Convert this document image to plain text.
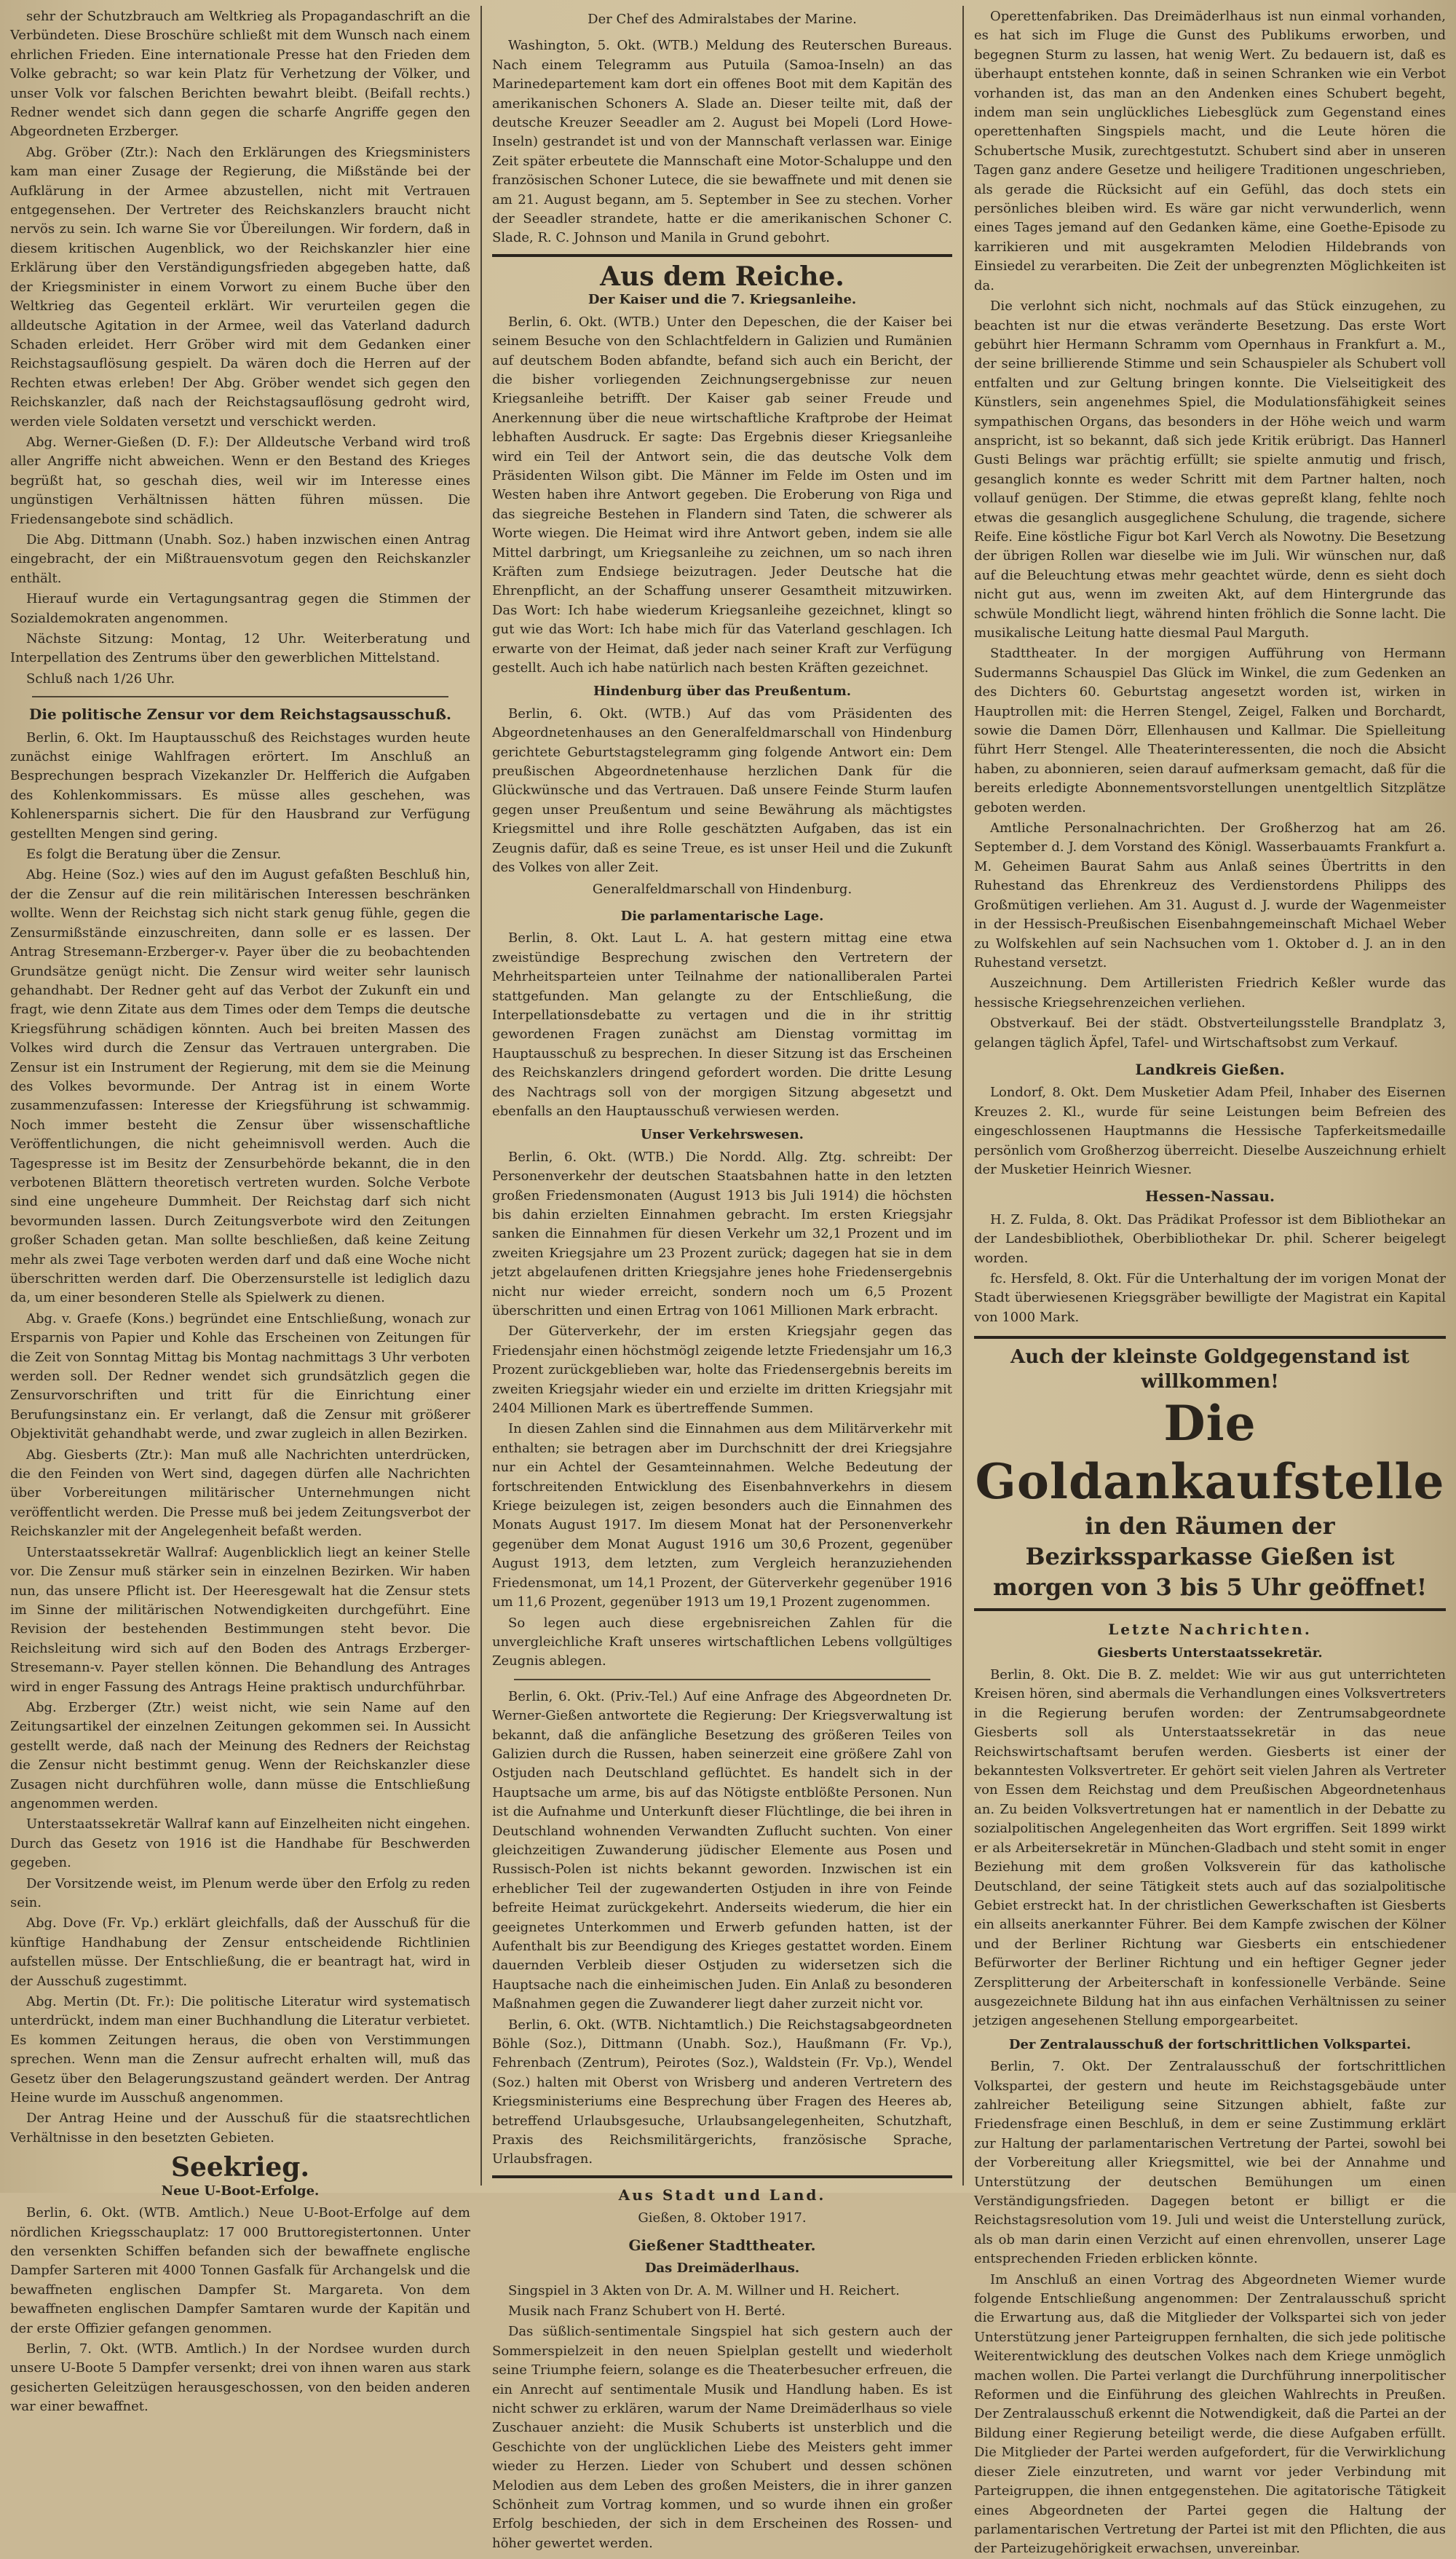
sehr der Schutzbrauch am Weltkrieg als Propagandaschrift an die Verbündeten. Diese Broschüre schließt mit dem Wunsch nach einem ehrlichen Frieden. Eine internationale Presse hat den Frieden dem Volke gebracht; so war kein Platz für Verhetzung der Völker, und unser Volk vor falschen Berichten bewahrt bleibt. (Beifall rechts.) Redner wendet sich dann gegen die scharfe Angriffe gegen den Abgeordneten Erzberger.

Abg. Gröber (Ztr.): Nach den Erklärungen des Kriegsministers kam man einer Zusage der Regierung, die Mißstände bei der Aufklärung in der Armee abzustellen, nicht mit Vertrauen entgegensehen. Der Vertreter des Reichskanzlers braucht nicht nervös zu sein. Ich warne Sie vor Übereilungen. Wir fordern, daß in diesem kritischen Augenblick, wo der Reichskanzler hier eine Erklärung über den Verständigungsfrieden abgegeben hatte, daß der Kriegsminister in einem Vorwort zu einem Buche über den Weltkrieg das Gegenteil erklärt. Wir verurteilen gegen die alldeutsche Agitation in der Armee, weil das Vaterland dadurch Schaden erleidet. Herr Gröber wird mit dem Gedanken einer Reichstagsauflösung gespielt. Da wären doch die Herren auf der Rechten etwas erleben! Der Abg. Gröber wendet sich gegen den Reichskanzler, daß nach der Reichstagsauflösung gedroht wird, werden viele Soldaten versetzt und verschickt werden.

Abg. Werner-Gießen (D. F.): Der Alldeutsche Verband wird troß aller Angriffe nicht abweichen. Wenn er den Bestand des Krieges begrüßt hat, so geschah dies, weil wir im Interesse eines ungünstigen Verhältnissen hätten führen müssen. Die Friedensangebote sind schädlich.

Die Abg. Dittmann (Unabh. Soz.) haben inzwischen einen Antrag eingebracht, der ein Mißtrauensvotum gegen den Reichskanzler enthält.

Hierauf wurde ein Vertagungsantrag gegen die Stimmen der Sozialdemokraten angenommen.

Nächste Sitzung: Montag, 12 Uhr. Weiterberatung und Interpellation des Zentrums über den gewerblichen Mittelstand.

Schluß nach 1/26 Uhr.

Die politische Zensur vor dem Reichstagsausschuß.

Berlin, 6. Okt. Im Hauptausschuß des Reichstages wurden heute zunächst einige Wahlfragen erörtert. Im Anschluß an Besprechungen besprach Vizekanzler Dr. Helfferich die Aufgaben des Kohlenkommissars. Es müsse alles geschehen, was Kohlenersparnis sichert. Die für den Hausbrand zur Verfügung gestellten Mengen sind gering.

Es folgt die Beratung über die Zensur.

Abg. Heine (Soz.) wies auf den im August gefaßten Beschluß hin, der die Zensur auf die rein militärischen Interessen beschränken wollte. Wenn der Reichstag sich nicht stark genug fühle, gegen die Zensurmißstände einzuschreiten, dann solle er es lassen. Der Antrag Stresemann-Erzberger-v. Payer über die zu beobachtenden Grundsätze genügt nicht. Die Zensur wird weiter sehr launisch gehandhabt. Der Redner geht auf das Verbot der Zukunft ein und fragt, wie denn Zitate aus dem Times oder dem Temps die deutsche Kriegsführung schädigen könnten. Auch bei breiten Massen des Volkes wird durch die Zensur das Vertrauen untergraben. Die Zensur ist ein Instrument der Regierung, mit dem sie die Meinung des Volkes bevormunde. Der Antrag ist in einem Worte zusammenzufassen: Interesse der Kriegsführung ist schwammig. Noch immer besteht die Zensur über wissenschaftliche Veröffentlichungen, die nicht geheimnisvoll werden. Auch die Tagespresse ist im Besitz der Zensurbehörde bekannt, die in den verbotenen Blättern theoretisch vertreten wurden. Solche Verbote sind eine ungeheure Dummheit. Der Reichstag darf sich nicht bevormunden lassen. Durch Zeitungsverbote wird den Zeitungen großer Schaden getan. Man sollte beschließen, daß keine Zeitung mehr als zwei Tage verboten werden darf und daß eine Woche nicht überschritten werden darf. Die Oberzensurstelle ist lediglich dazu da, um einer besonderen Stelle als Spielwerk zu dienen.

Abg. v. Graefe (Kons.) begründet eine Entschließung, wonach zur Ersparnis von Papier und Kohle das Erscheinen von Zeitungen für die Zeit von Sonntag Mittag bis Montag nachmittags 3 Uhr verboten werden soll. Der Redner wendet sich grundsätzlich gegen die Zensurvorschriften und tritt für die Einrichtung einer Berufungsinstanz ein. Er verlangt, daß die Zensur mit größerer Objektivität gehandhabt werde, und zwar zugleich in allen Bezirken.

Abg. Giesberts (Ztr.): Man muß alle Nachrichten unterdrücken, die den Feinden von Wert sind, dagegen dürfen alle Nachrichten über Vorbereitungen militärischer Unternehmungen nicht veröffentlicht werden. Die Presse muß bei jedem Zeitungsverbot der Reichskanzler mit der Angelegenheit befaßt werden.

Unterstaatssekretär Wallraf: Augenblicklich liegt an keiner Stelle vor. Die Zensur muß stärker sein in einzelnen Bezirken. Wir haben nun, das unsere Pflicht ist. Der Heeresgewalt hat die Zensur stets im Sinne der militärischen Notwendigkeiten durchgeführt. Eine Revision der bestehenden Bestimmungen steht bevor. Die Reichsleitung wird sich auf den Boden des Antrags Erzberger-Stresemann-v. Payer stellen können. Die Behandlung des Antrages wird in enger Fassung des Antrags Heine praktisch undurchführbar.

Abg. Erzberger (Ztr.) weist nicht, wie sein Name auf den Zeitungsartikel der einzelnen Zeitungen gekommen sei. In Aussicht gestellt werde, daß nach der Meinung des Redners der Reichstag die Zensur nicht bestimmt genug. Wenn der Reichskanzler diese Zusagen nicht durchführen wolle, dann müsse die Entschließung angenommen werden.

Unterstaatssekretär Wallraf kann auf Einzelheiten nicht eingehen. Durch das Gesetz von 1916 ist die Handhabe für Beschwerden gegeben.

Der Vorsitzende weist, im Plenum werde über den Erfolg zu reden sein.

Abg. Dove (Fr. Vp.) erklärt gleichfalls, daß der Ausschuß für die künftige Handhabung der Zensur entscheidende Richtlinien aufstellen müsse. Der Entschließung, die er beantragt hat, wird in der Ausschuß zugestimmt.

Abg. Mertin (Dt. Fr.): Die politische Literatur wird systematisch unterdrückt, indem man einer Buchhandlung die Literatur verbietet. Es kommen Zeitungen heraus, die oben von Verstimmungen sprechen. Wenn man die Zensur aufrecht erhalten will, muß das Gesetz über den Belagerungszustand geändert werden. Der Antrag Heine wurde im Ausschuß angenommen.

Der Antrag Heine und der Ausschuß für die staatsrechtlichen Verhältnisse in den besetzten Gebieten.

Seekrieg.
Neue U-Boot-Erfolge.

Berlin, 6. Okt. (WTB. Amtlich.) Neue U-Boot-Erfolge auf dem nördlichen Kriegsschauplatz: 17 000 Bruttoregistertonnen. Unter den versenkten Schiffen befanden sich der bewaffnete englische Dampfer Sarteren mit 4000 Tonnen Gasfalk für Archangelsk und die bewaffneten englischen Dampfer St. Margareta. Von dem bewaffneten englischen Dampfer Samtaren wurde der Kapitän und der erste Offizier gefangen genommen.

Berlin, 7. Okt. (WTB. Amtlich.) In der Nordsee wurden durch unsere U-Boote 5 Dampfer versenkt; drei von ihnen waren aus stark gesicherten Geleitzügen herausgeschossen, von den beiden anderen war einer bewaffnet.

Der Chef des Admiralstabes der Marine.

Washington, 5. Okt. (WTB.) Meldung des Reuterschen Bureaus. Nach einem Telegramm aus Putuila (Samoa-Inseln) an das Marinedepartement kam dort ein offenes Boot mit dem Kapitän des amerikanischen Schoners A. Slade an. Dieser teilte mit, daß der deutsche Kreuzer Seeadler am 2. August bei Mopeli (Lord Howe-Inseln) gestrandet ist und von der Mannschaft verlassen war. Einige Zeit später erbeutete die Mannschaft eine Motor-Schaluppe und den französischen Schoner Lutece, die sie bewaffnete und mit denen sie am 21. August begann, am 5. September in See zu stechen. Vorher der Seeadler strandete, hatte er die amerikanischen Schoner C. Slade, R. C. Johnson und Manila in Grund gebohrt.

Aus dem Reiche.
Der Kaiser und die 7. Kriegsanleihe.

Berlin, 6. Okt. (WTB.) Unter den Depeschen, die der Kaiser bei seinem Besuche von den Schlachtfeldern in Galizien und Rumänien auf deutschem Boden abfandte, befand sich auch ein Bericht, der die bisher vorliegenden Zeichnungsergebnisse zur neuen Kriegsanleihe betrifft. Der Kaiser gab seiner Freude und Anerkennung über die neue wirtschaftliche Kraftprobe der Heimat lebhaften Ausdruck. Er sagte: Das Ergebnis dieser Kriegsanleihe wird ein Teil der Antwort sein, die das deutsche Volk dem Präsidenten Wilson gibt. Die Männer im Felde im Osten und im Westen haben ihre Antwort gegeben. Die Eroberung von Riga und das siegreiche Bestehen in Flandern sind Taten, die schwerer als Worte wiegen. Die Heimat wird ihre Antwort geben, indem sie alle Mittel darbringt, um Kriegsanleihe zu zeichnen, um so nach ihren Kräften zum Endsiege beizutragen. Jeder Deutsche hat die Ehrenpflicht, an der Schaffung unserer Gesamtheit mitzuwirken. Das Wort: Ich habe wiederum Kriegsanleihe gezeichnet, klingt so gut wie das Wort: Ich habe mich für das Vaterland geschlagen. Ich erwarte von der Heimat, daß jeder nach seiner Kraft zur Verfügung gestellt. Auch ich habe natürlich nach besten Kräften gezeichnet.

Hindenburg über das Preußentum.

Berlin, 6. Okt. (WTB.) Auf das vom Präsidenten des Abgeordnetenhauses an den Generalfeldmarschall von Hindenburg gerichtete Geburtstagstelegramm ging folgende Antwort ein: Dem preußischen Abgeordnetenhause herzlichen Dank für die Glückwünsche und das Vertrauen. Daß unsere Feinde Sturm laufen gegen unser Preußentum und seine Bewährung als mächtigstes Kriegsmittel und ihre Rolle geschätzten Aufgaben, das ist ein Zeugnis dafür, daß es seine Treue, es ist unser Heil und die Zukunft des Volkes von aller Zeit.

Generalfeldmarschall von Hindenburg.
Die parlamentarische Lage.

Berlin, 8. Okt. Laut L. A. hat gestern mittag eine etwa zweistündige Besprechung zwischen den Vertretern der Mehrheitsparteien unter Teilnahme der nationalliberalen Partei stattgefunden. Man gelangte zu der Entschließung, die Interpellationsdebatte zu vertagen und die in ihr strittig gewordenen Fragen zunächst am Dienstag vormittag im Hauptausschuß zu besprechen. In dieser Sitzung ist das Erscheinen des Reichskanzlers dringend gefordert worden. Die dritte Lesung des Nachtrags soll von der morgigen Sitzung abgesetzt und ebenfalls an den Hauptausschuß verwiesen werden.

Unser Verkehrswesen.

Berlin, 6. Okt. (WTB.) Die Nordd. Allg. Ztg. schreibt: Der Personenverkehr der deutschen Staatsbahnen hatte in den letzten großen Friedensmonaten (August 1913 bis Juli 1914) die höchsten bis dahin erzielten Einnahmen gebracht. Im ersten Kriegsjahr sanken die Einnahmen für diesen Verkehr um 32,1 Prozent und im zweiten Kriegsjahre um 23 Prozent zurück; dagegen hat sie in dem jetzt abgelaufenen dritten Kriegsjahre jenes hohe Friedensergebnis nicht nur wieder erreicht, sondern noch um 6,5 Prozent überschritten und einen Ertrag von 1061 Millionen Mark erbracht.

Der Güterverkehr, der im ersten Kriegsjahr gegen das Friedensjahr einen höchstmögl zeigende letzte Friedensjahr um 16,3 Prozent zurückgeblieben war, holte das Friedensergebnis bereits im zweiten Kriegsjahr wieder ein und erzielte im dritten Kriegsjahr mit 2404 Millionen Mark es übertreffende Summen.

In diesen Zahlen sind die Einnahmen aus dem Militärverkehr mit enthalten; sie betragen aber im Durchschnitt der drei Kriegsjahre nur ein Achtel der Gesamteinnahmen. Welche Bedeutung der fortschreitenden Entwicklung des Eisenbahnverkehrs in diesem Kriege beizulegen ist, zeigen besonders auch die Einnahmen des Monats August 1917. Im diesem Monat hat der Personenverkehr gegenüber dem Monat August 1916 um 30,6 Prozent, gegenüber August 1913, dem letzten, zum Vergleich heranzuziehenden Friedensmonat, um 14,1 Prozent, der Güterverkehr gegenüber 1916 um 11,6 Prozent, gegenüber 1913 um 19,1 Prozent zugenommen.

So legen auch diese ergebnisreichen Zahlen für die unvergleichliche Kraft unseres wirtschaftlichen Lebens vollgültiges Zeugnis ablegen.

Berlin, 6. Okt. (Priv.-Tel.) Auf eine Anfrage des Abgeordneten Dr. Werner-Gießen antwortete die Regierung: Der Kriegsverwaltung ist bekannt, daß die anfängliche Besetzung des größeren Teiles von Galizien durch die Russen, haben seinerzeit eine größere Zahl von Ostjuden nach Deutschland geflüchtet. Es handelt sich in der Hauptsache um arme, bis auf das Nötigste entblößte Personen. Nun ist die Aufnahme und Unterkunft dieser Flüchtlinge, die bei ihren in Deutschland wohnenden Verwandten Zuflucht suchten. Von einer gleichzeitigen Zuwanderung jüdischer Elemente aus Posen und Russisch-Polen ist nichts bekannt geworden. Inzwischen ist ein erheblicher Teil der zugewanderten Ostjuden in ihre von Feinde befreite Heimat zurückgekehrt. Anderseits wiederum, die hier ein geeignetes Unterkommen und Erwerb gefunden hatten, ist der Aufenthalt bis zur Beendigung des Krieges gestattet worden. Einem dauernden Verbleib dieser Ostjuden zu widersetzen sich die Hauptsache nach die einheimischen Juden. Ein Anlaß zu besonderen Maßnahmen gegen die Zuwanderer liegt daher zurzeit nicht vor.

Berlin, 6. Okt. (WTB. Nichtamtlich.) Die Reichstagsabgeordneten Böhle (Soz.), Dittmann (Unabh. Soz.), Haußmann (Fr. Vp.), Fehrenbach (Zentrum), Peirotes (Soz.), Waldstein (Fr. Vp.), Wendel (Soz.) halten mit Oberst von Wrisberg und anderen Vertretern des Kriegsministeriums eine Besprechung über Fragen des Heeres ab, betreffend Urlaubsgesuche, Urlaubsangelegenheiten, Schutzhaft, Praxis des Reichsmilitärgerichts, französische Sprache, Urlaubsfragen.

Aus Stadt und Land.
Gießen, 8. Oktober 1917.
Gießener Stadttheater.
Das Dreimäderlhaus.

Singspiel in 3 Akten von Dr. A. M. Willner und H. Reichert.

Musik nach Franz Schubert von H. Berté.

Das süßlich-sentimentale Singspiel hat sich gestern auch der Sommerspielzeit in den neuen Spielplan gestellt und wiederholt seine Triumphe feiern, solange es die Theaterbesucher erfreuen, die ein Anrecht auf sentimentale Musik und Handlung haben. Es ist nicht schwer zu erklären, warum der Name Dreimäderlhaus so viele Zuschauer anzieht: die Musik Schuberts ist unsterblich und die Geschichte von der unglücklichen Liebe des Meisters geht immer wieder zu Herzen. Lieder von Schubert und dessen schönen Melodien aus dem Leben des großen Meisters, die in ihrer ganzen Schönheit zum Vortrag kommen, und so wurde ihnen ein großer Erfolg beschieden, der sich in dem Erscheinen des Rossen- und höher gewertet werden.

Operettenfabriken. Das Dreimäderlhaus ist nun einmal vorhanden, es hat sich im Fluge die Gunst des Publikums erworben, und begegnen Sturm zu lassen, hat wenig Wert. Zu bedauern ist, daß es überhaupt entstehen konnte, daß in seinen Schranken wie ein Verbot vorhanden ist, das man an den Andenken eines Schubert begeht, indem man sein unglückliches Liebesglück zum Gegenstand eines operettenhaften Singspiels macht, und die Leute hören die Schubertsche Musik, zurechtgestutzt. Schubert sind aber in unseren Tagen ganz andere Gesetze und heiligere Traditionen ungeschrieben, als gerade die Rücksicht auf ein Gefühl, das doch stets ein persönliches bleiben wird. Es wäre gar nicht verwunderlich, wenn eines Tages jemand auf den Gedanken käme, eine Goethe-Episode zu karrikieren und mit ausgekramten Melodien Hildebrands von Einsiedel zu verarbeiten. Die Zeit der unbegrenzten Möglichkeiten ist da.

Die verlohnt sich nicht, nochmals auf das Stück einzugehen, zu beachten ist nur die etwas veränderte Besetzung. Das erste Wort gebührt hier Hermann Schramm vom Opernhaus in Frankfurt a. M., der seine brillierende Stimme und sein Schauspieler als Schubert voll entfalten und zur Geltung bringen konnte. Die Vielseitigkeit des Künstlers, sein angenehmes Spiel, die Modulationsfähigkeit seines sympathischen Organs, das besonders in der Höhe weich und warm anspricht, ist so bekannt, daß sich jede Kritik erübrigt. Das Hannerl Gusti Belings war prächtig erfüllt; sie spielte anmutig und frisch, gesanglich konnte es weder Schritt mit dem Partner halten, noch vollauf genügen. Der Stimme, die etwas gepreßt klang, fehlte noch etwas die gesanglich ausgeglichene Schulung, die tragende, sichere Reife. Eine köstliche Figur bot Karl Verch als Nowotny. Die Besetzung der übrigen Rollen war dieselbe wie im Juli. Wir wünschen nur, daß auf die Beleuchtung etwas mehr geachtet würde, denn es sieht doch nicht gut aus, wenn im zweiten Akt, auf dem Hintergrunde das schwüle Mondlicht liegt, während hinten fröhlich die Sonne lacht. Die musikalische Leitung hatte diesmal Paul Marguth.

Stadttheater. In der morgigen Aufführung von Hermann Sudermanns Schauspiel Das Glück im Winkel, die zum Gedenken an des Dichters 60. Geburtstag angesetzt worden ist, wirken in Hauptrollen mit: die Herren Stengel, Zeigel, Falken und Borchardt, sowie die Damen Dörr, Ellenhausen und Kallmar. Die Spielleitung führt Herr Stengel. Alle Theaterinteressenten, die noch die Absicht haben, zu abonnieren, seien darauf aufmerksam gemacht, daß für die bereits erledigte Abonnementsvorstellungen unentgeltlich Sitzplätze geboten werden.

Amtliche Personalnachrichten. Der Großherzog hat am 26. September d. J. dem Vorstand des Königl. Wasserbauamts Frankfurt a. M. Geheimen Baurat Sahm aus Anlaß seines Übertritts in den Ruhestand das Ehrenkreuz des Verdienstordens Philipps des Großmütigen verliehen. Am 31. August d. J. wurde der Wagenmeister in der Hessisch-Preußischen Eisenbahngemeinschaft Michael Weber zu Wolfskehlen auf sein Nachsuchen vom 1. Oktober d. J. an in den Ruhestand versetzt.

Auszeichnung. Dem Artilleristen Friedrich Keßler wurde das hessische Kriegsehrenzeichen verliehen.

Obstverkauf. Bei der städt. Obstverteilungsstelle Brandplatz 3, gelangen täglich Äpfel, Tafel- und Wirtschaftsobst zum Verkauf.

Landkreis Gießen.

Londorf, 8. Okt. Dem Musketier Adam Pfeil, Inhaber des Eisernen Kreuzes 2. Kl., wurde für seine Leistungen beim Befreien des eingeschlossenen Hauptmanns die Hessische Tapferkeitsmedaille persönlich vom Großherzog überreicht. Dieselbe Auszeichnung erhielt der Musketier Heinrich Wiesner.

Hessen-Nassau.

H. Z. Fulda, 8. Okt. Das Prädikat Professor ist dem Bibliothekar an der Landesbibliothek, Oberbibliothekar Dr. phil. Scherer beigelegt worden.

fc. Hersfeld, 8. Okt. Für die Unterhaltung der im vorigen Monat der Stadt überwiesenen Kriegsgräber bewilligte der Magistrat ein Kapital von 1000 Mark.

Auch der kleinste Goldgegenstand ist willkommen!
Die Goldankaufstelle
in den Räumen der Bezirkssparkasse Gießen ist morgen von 3 bis 5 Uhr geöffnet!
Letzte Nachrichten.
Giesberts Unterstaatssekretär.

Berlin, 8. Okt. Die B. Z. meldet: Wie wir aus gut unterrichteten Kreisen hören, sind abermals die Verhandlungen eines Volksvertreters in die Regierung berufen worden: der Zentrumsabgeordnete Giesberts soll als Unterstaatssekretär in das neue Reichswirtschaftsamt berufen werden. Giesberts ist einer der bekanntesten Volksvertreter. Er gehört seit vielen Jahren als Vertreter von Essen dem Reichstag und dem Preußischen Abgeordnetenhaus an. Zu beiden Volksvertretungen hat er namentlich in der Debatte zu sozialpolitischen Angelegenheiten das Wort ergriffen. Seit 1899 wirkt er als Arbeitersekretär in München-Gladbach und steht somit in enger Beziehung mit dem großen Volksverein für das katholische Deutschland, der seine Tätigkeit stets auch auf das sozialpolitische Gebiet erstreckt hat. In der christlichen Gewerkschaften ist Giesberts ein allseits anerkannter Führer. Bei dem Kampfe zwischen der Kölner und der Berliner Richtung war Giesberts ein entschiedener Befürworter der Berliner Richtung und ein heftiger Gegner jeder Zersplitterung der Arbeiterschaft in konfessionelle Verbände. Seine ausgezeichnete Bildung hat ihn aus einfachen Verhältnissen zu seiner jetzigen angesehenen Stellung emporgearbeitet.

Der Zentralausschuß der fortschrittlichen Volkspartei.

Berlin, 7. Okt. Der Zentralausschuß der fortschrittlichen Volkspartei, der gestern und heute im Reichstagsgebäude unter zahlreicher Beteiligung seine Sitzungen abhielt, faßte zur Friedensfrage einen Beschluß, in dem er seine Zustimmung erklärt zur Haltung der parlamentarischen Vertretung der Partei, sowohl bei der Vorbereitung aller Kriegsmittel, wie bei der Annahme und Unterstützung der deutschen Bemühungen um einen Verständigungsfrieden. Dagegen betont er billigt er die Reichstagsresolution vom 19. Juli und weist die Unterstellung zurück, als ob man darin einen Verzicht auf einen ehrenvollen, unserer Lage entsprechenden Frieden erblicken könnte.

Im Anschluß an einen Vortrag des Abgeordneten Wiemer wurde folgende Entschließung angenommen: Der Zentralausschuß spricht die Erwartung aus, daß die Mitglieder der Volkspartei sich von jeder Unterstützung jener Parteigruppen fernhalten, die sich jede politische Weiterentwicklung des deutschen Volkes nach dem Kriege unmöglich machen wollen. Die Partei verlangt die Durchführung innerpolitischer Reformen und die Einführung des gleichen Wahlrechts in Preußen. Der Zentralausschuß erkennt die Notwendigkeit, daß die Partei an der Bildung einer Regierung beteiligt werde, die diese Aufgaben erfüllt. Die Mitglieder der Partei werden aufgefordert, für die Verwirklichung dieser Ziele einzutreten, und warnt vor jeder Verbindung mit Parteigruppen, die ihnen entgegenstehen. Die agitatorische Tätigkeit eines Abgeordneten der Partei gegen die Haltung der parlamentarischen Vertretung der Partei ist mit den Pflichten, die aus der Parteizugehörigkeit erwachsen, unvereinbar.
